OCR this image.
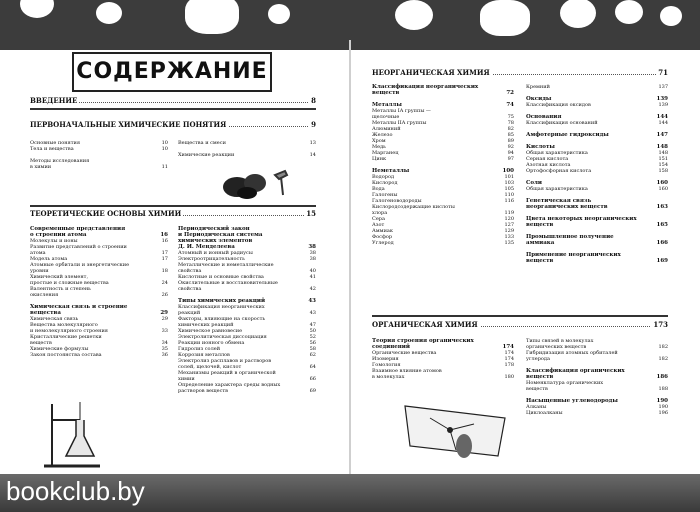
СОДЕРЖАНИЕ
ВВЕДЕНИЕ	8
ПЕРВОНАЧАЛЬНЫЕ ХИМИЧЕСКИЕ ПОНЯТИЯ	9
Основные понятия	10
Тела и вещества	10
Методы исследования
в химии	11
Вещества и смеси	13
Химические реакции	14
ТЕОРЕТИЧЕСКИЕ ОСНОВЫ ХИМИИ	15
Современные представления
о строении атома	16
Молекулы и ионы	16
Развитие представлений о строении
атома	17
Модель атома	17
Атомные орбитали и энергетические
уровни	18
Химический элемент,
простые и сложные вещества	24
Валентность и степень
окисления	26
Химическая связь и строение
вещества	29
Химическая связь	29
Вещества молекулярного
и немолекулярного строения	33
Кристаллические решетки
веществ	34
Химические формулы	35
Закон постоянства состава	36
Периодический закон
и Периодическая система
химических элементов
Д. И. Менделеева	38
Атомный и ионный радиусы	38
Электроотрицательность	38
Металлические и неметаллические
свойства	40
Кислотные и основные свойства	41
Окислительные и восстановительные
свойства	42
Типы химических реакций	43
Классификация неорганических
реакций	43
Факторы, влияющие на скорость
химических реакций	47
Химическое равновесие	50
Электролитическая диссоциация	52
Реакции ионного обмена	56
Гидролиз солей	58
Коррозия металлов	62
Электролиз расплавов и растворов
солей, щелочей, кислот	64
Механизмы реакций в органической
химии	66
Определение характера среды водных
растворов веществ	69
НЕОРГАНИЧЕСКАЯ ХИМИЯ	71
Классификация неорганических
веществ	72
Металлы	74
Металлы IA группы —
щелочные	75
Металлы IIA группы	78
Алюминий	82
Железо	85
Хром	89
Медь	92
Марганец	94
Цинк	97
Неметаллы	100
Водород	101
Кислород	103
Вода	105
Галогены	110
Галогеноводороды	116
Кислородсодержащие кислоты
хлора	119
Сера	120
Азот	127
Аммиак	129
Фосфор	133
Углерод	135
Кремний	137
Оксиды	139
Классификация оксидов	139
Основания	144
Классификация оснований	144
Амфотерные гидроксиды	147
Кислоты	148
Общая характеристика	148
Серная кислота	151
Азотная кислота	154
Ортофосфорная кислота	158
Соли	160
Общая характеристика	160
Генетическая связь
неорганических веществ	163
Цвета некоторых неорганических
веществ	165
Промышленное получение
аммиака	166
Применение неорганических
веществ	169
ОРГАНИЧЕСКАЯ ХИМИЯ	173
Теория строения органических
соединений	174
Органические вещества	174
Изомерия	174
Гомология	178
Взаимное влияние атомов
в молекулах	180
Типы связей в молекулах
органических веществ	182
Гибридизация атомных орбиталей
углерода	182
Классификация органических
веществ	186
Номенклатура органических
веществ	188
Насыщенные углеводороды	190
Алканы	190
Циклоалканы	196
bookclub.by
